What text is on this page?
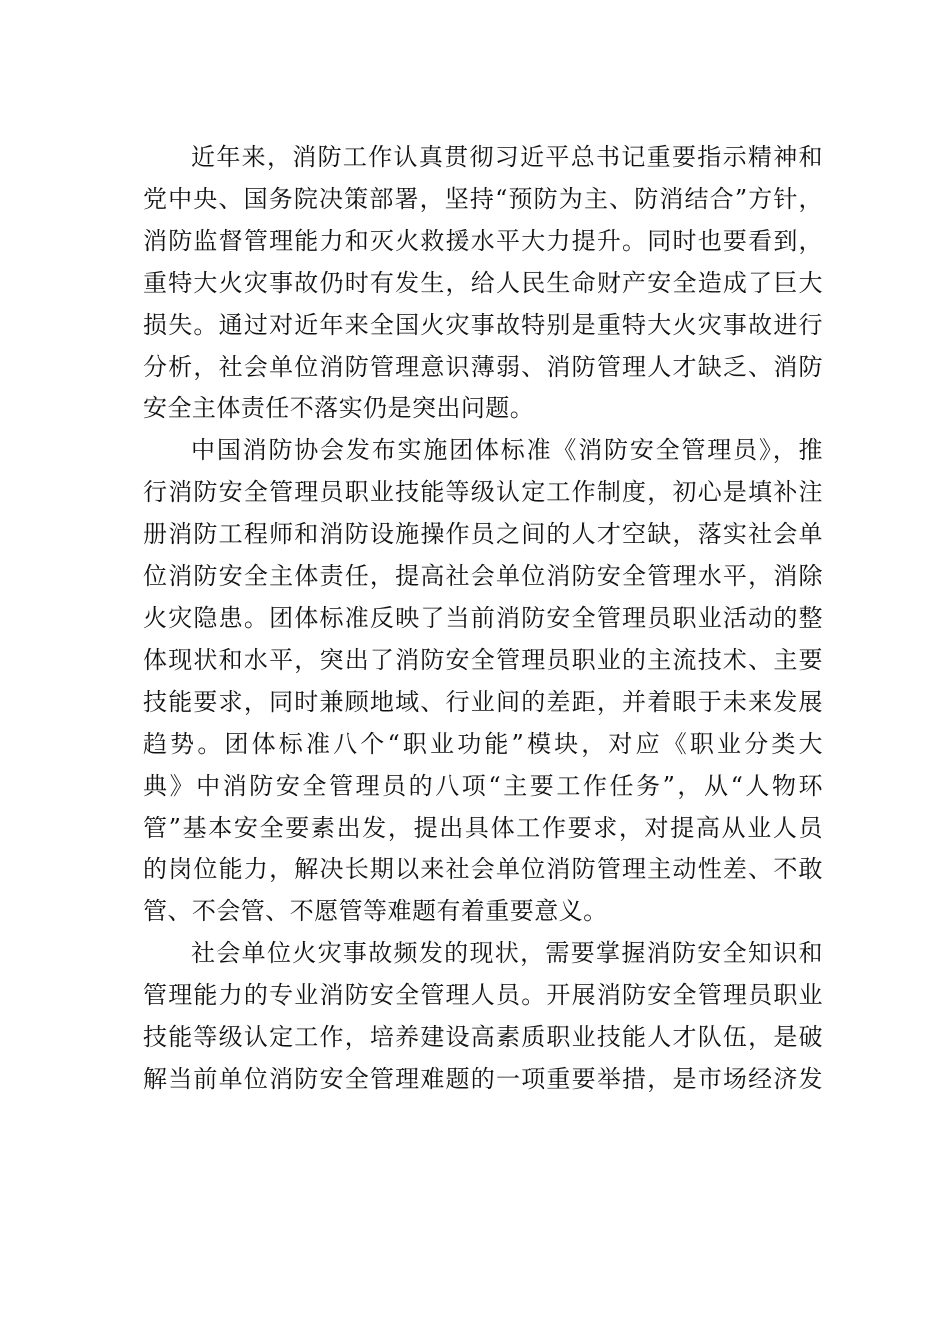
近年来，消防工作认真贯彻习近平总书记重要指示精神和
党中央、国务院决策部署，坚持“预防为主、防消结合”方针，
消防监督管理能力和灭火救援水平大力提升。同时也要看到，
重特大火灾事故仍时有发生，给人民生命财产安全造成了巨大
损失。通过对近年来全国火灾事故特别是重特大火灾事故进行
分析，社会单位消防管理意识薄弱、消防管理人才缺乏、消防
安全主体责任不落实仍是突出问题。

中国消防协会发布实施团体标准《消防安全管理员》，推
行消防安全管理员职业技能等级认定工作制度，初心是填补注
册消防工程师和消防设施操作员之间的人才空缺，落实社会单
位消防安全主体责任，提高社会单位消防安全管理水平，消除
火灾隐患。团体标准反映了当前消防安全管理员职业活动的整
体现状和水平，突出了消防安全管理员职业的主流技术、主要
技能要求，同时兼顾地域、行业间的差距，并着眼于未来发展
趋势。团体标准八个“职业功能”模块，对应《职业分类大
典》中消防安全管理员的八项“主要工作任务”，从“人物环
管”基本安全要素出发，提出具体工作要求，对提高从业人员
的岗位能力，解决长期以来社会单位消防管理主动性差、不敢
管、不会管、不愿管等难题有着重要意义。

社会单位火灾事故频发的现状，需要掌握消防安全知识和
管理能力的专业消防安全管理人员。开展消防安全管理员职业
技能等级认定工作，培养建设高素质职业技能人才队伍，是破
解当前单位消防安全管理难题的一项重要举措，是市场经济发
